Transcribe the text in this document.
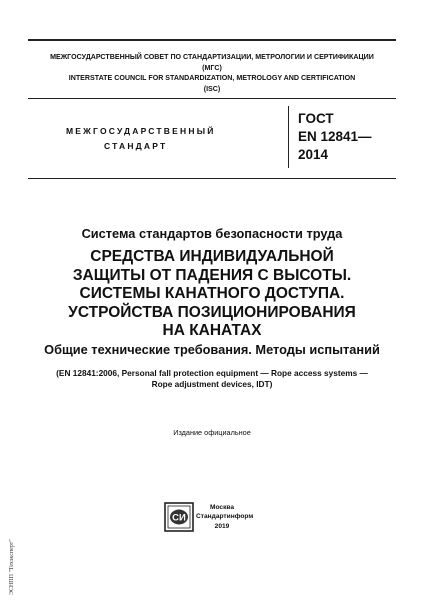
МЕЖГОСУДАРСТВЕННЫЙ СОВЕТ ПО СТАНДАРТИЗАЦИИ, МЕТРОЛОГИИ И СЕРТИФИКАЦИИ
(МГС)
INTERSTATE COUNCIL FOR STANDARDIZATION, METROLOGY AND CERTIFICATION
(ISC)
МЕЖГОСУДАРСТВЕННЫЙ
СТАНДАРТ
ГОСТ
EN 12841—
2014
Система стандартов безопасности труда
СРЕДСТВА ИНДИВИДУАЛЬНОЙ
ЗАЩИТЫ ОТ ПАДЕНИЯ С ВЫСОТЫ.
СИСТЕМЫ КАНАТНОГО ДОСТУПА.
УСТРОЙСТВА ПОЗИЦИОНИРОВАНИЯ
НА КАНАТАХ
Общие технические требования. Методы испытаний
(EN 12841:2006, Personal fall protection equipment — Rope access systems —
Rope adjustment devices, IDT)
Издание официальное
СИ
Москва
Стандартинформ
2019
ЭСНПП "Техэксперт"
